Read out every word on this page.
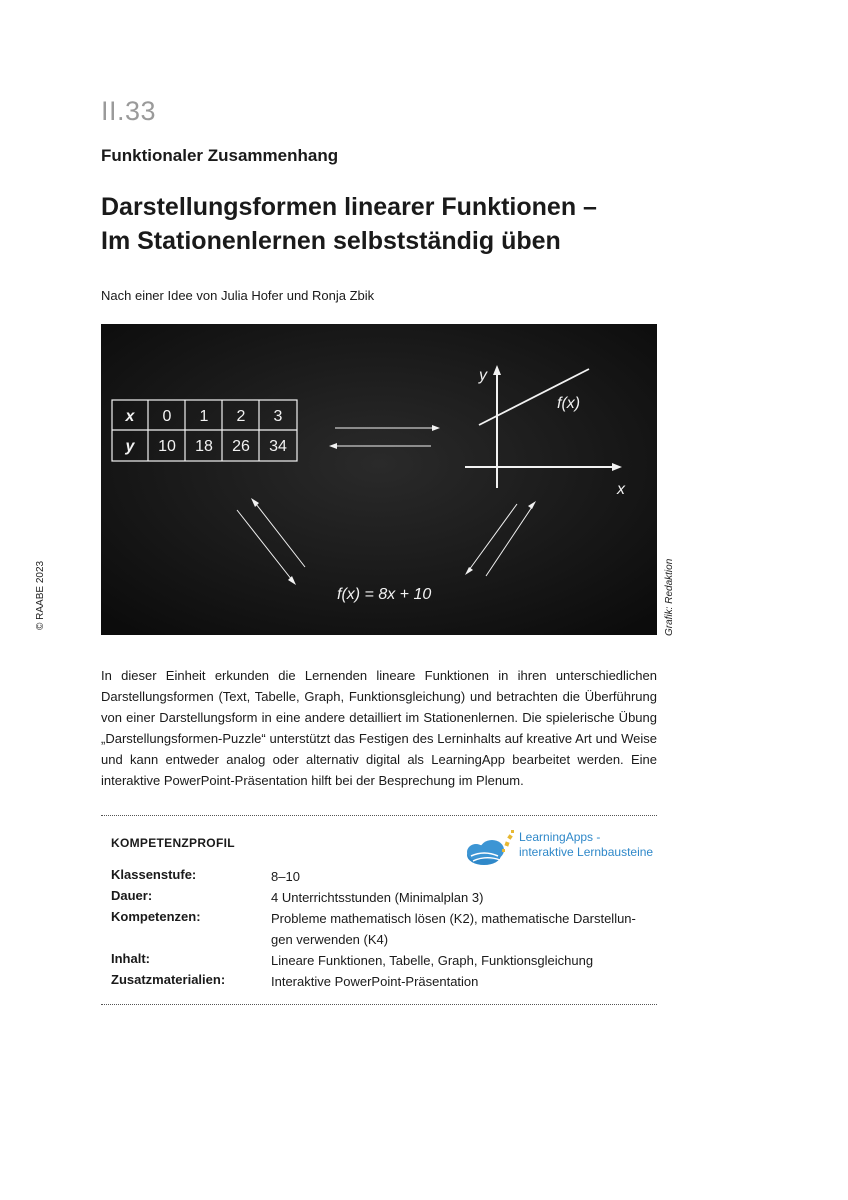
II.33
Funktionaler Zusammenhang
Darstellungsformen linearer Funktionen –
Im Stationenlernen selbstständig üben
Nach einer Idee von Julia Hofer und Ronja Zbik
© RAABE 2023
x 0 1 2 3
y 10 18 26 34
y
x
f(x)
f(x) = 8x + 10	Grafik: Redaktion

In dieser Einheit erkunden die Lernenden lineare Funktionen in ihren unterschiedlichen Darstellungsformen (Text, Tabelle, Graph, Funktionsgleichung) und betrachten die Überführung von einer Darstellungsform in eine andere detailliert im Stationenlernen. Die spielerische Übung „Darstellungsformen-Puzzle“ unterstützt das Festigen des Lerninhalts auf kreative Art und Weise und kann entweder analog oder alternativ digital als LearningApp bearbeitet werden. Eine interaktive PowerPoint-Präsentation hilft bei der Besprechung im Plenum.

KOMPETENZPROFIL	LearningApps -
interaktive Lernbausteine
Klassenstufe:	8–10
Dauer:	4 Unterrichtsstunden (Minimalplan 3)
Kompetenzen:	Probleme mathematisch lösen (K2), mathematische Darstellun-
gen verwenden (K4)
Inhalt:	Lineare Funktionen, Tabelle, Graph, Funktionsgleichung
Zusatzmaterialien:	Interaktive PowerPoint-Präsentation
